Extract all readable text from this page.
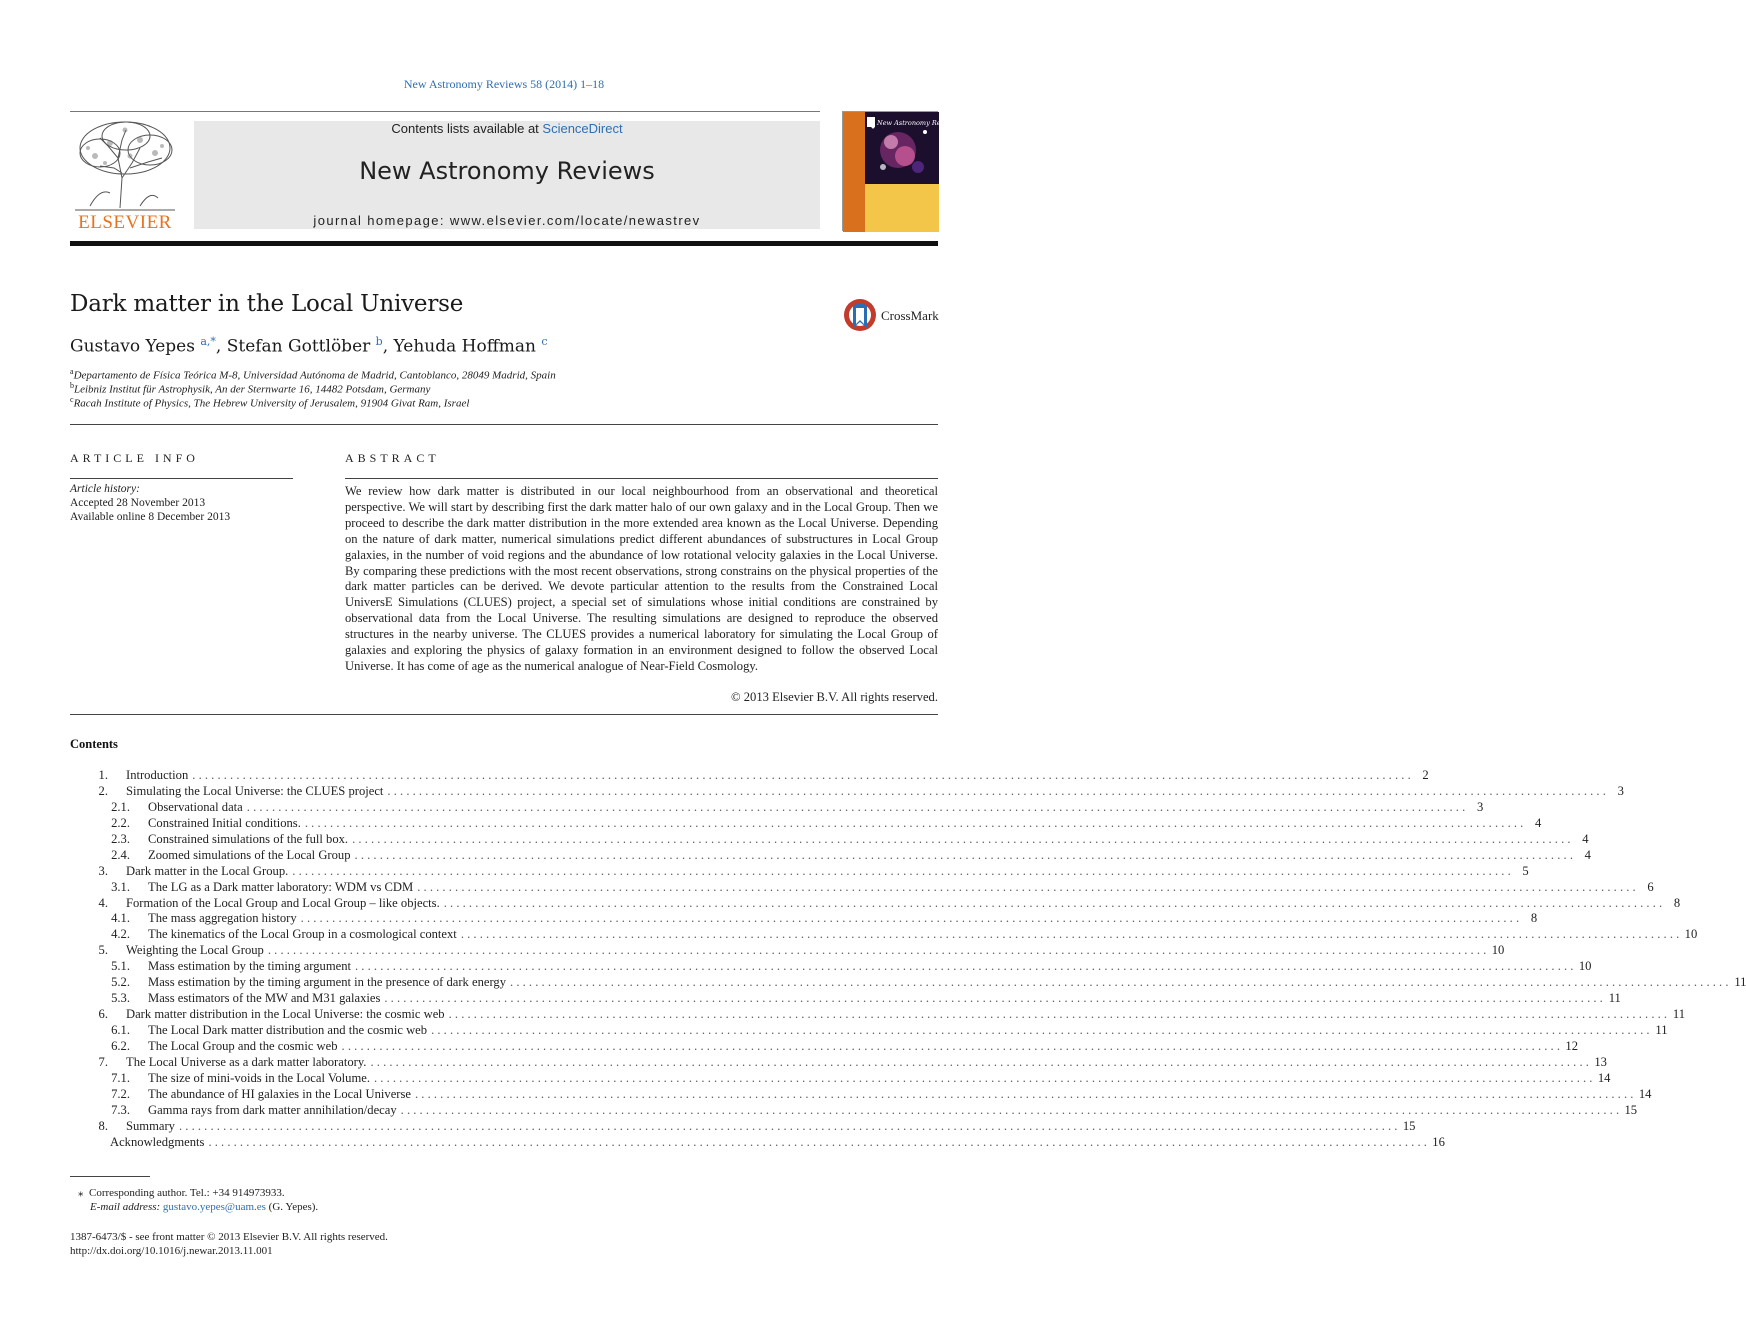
New Astronomy Reviews 58 (2014) 1–18
ELSEVIER
Contents lists available at ScienceDirect
New Astronomy Reviews
journal homepage: www.elsevier.com/locate/newastrev
New Astronomy Reviews
Dark matter in the Local Universe	CrossMark
Gustavo Yepes $^{a,*}$, Stefan Gottlöber $^b$, Yehuda Hoffman $^c$
$^a$Departamento de Física Teórica M-8, Universidad Autónoma de Madrid, Cantoblanco, 28049 Madrid, Spain
$^b$Leibniz Institut für Astrophysik, An der Sternwarte 16, 14482 Potsdam, Germany
$^c$Racah Institute of Physics, The Hebrew University of Jerusalem, 91904 Givat Ram, Israel
ARTICLE INFO
Article history:
Accepted 28 November 2013
Available online 8 December 2013
ABSTRACT
We review how dark matter is distributed in our local neighbourhood from an observational and theoretical perspective. We will start by describing first the dark matter halo of our own galaxy and in the Local Group. Then we proceed to describe the dark matter distribution in the more extended area known as the Local Universe. Depending on the nature of dark matter, numerical simulations predict different abundances of substructures in Local Group galaxies, in the number of void regions and the abundance of low rotational velocity galaxies in the Local Universe. By comparing these predictions with the most recent observations, strong constrains on the physical properties of the dark matter particles can be derived. We devote particular attention to the results from the Constrained Local UniversE Simulations (CLUES) project, a special set of simulations whose initial conditions are constrained by observational data from the Local Universe. The resulting simulations are designed to reproduce the observed structures in the nearby universe. The CLUES provides a numerical laboratory for simulating the Local Group of galaxies and exploring the physics of galaxy formation in an environment designed to follow the observed Local Universe. It has come of age as the numerical analogue of Near-Field Cosmology.
© 2013 Elsevier B.V. All rights reserved.
Contents
1. Introduction . . .	2
2. Simulating the Local Universe: the CLUES project . . .	3
2.1. Observational data . . .	3
2.2. Constrained Initial conditions. . . .	4
2.3. Constrained simulations of the full box. . . .	4
2.4. Zoomed simulations of the Local Group . . .	4
3. Dark matter in the Local Group. . . .	5
3.1. The LG as a Dark matter laboratory: WDM vs CDM . . .	6
4. Formation of the Local Group and Local Group – like objects. . . .	8
4.1. The mass aggregation history . . .	8
4.2. The kinematics of the Local Group in a cosmological context . . .	10
5. Weighting the Local Group . . .	10
5.1. Mass estimation by the timing argument . . .	10
5.2. Mass estimation by the timing argument in the presence of dark energy . . .	11
5.3. Mass estimators of the MW and M31 galaxies . . .	11
6. Dark matter distribution in the Local Universe: the cosmic web . . .	11
6.1. The Local Dark matter distribution and the cosmic web . . .	11
6.2. The Local Group and the cosmic web . . .	12
7. The Local Universe as a dark matter laboratory. . . .	13
7.1. The size of mini-voids in the Local Volume. . . .	14
7.2. The abundance of HI galaxies in the Local Universe . . .	14
7.3. Gamma rays from dark matter annihilation/decay . . .	15
8. Summary . . .	15
Acknowledgments . . .	16
⁎ Corresponding author. Tel.: +34 914973933.
E-mail address: gustavo.yepes@uam.es (G. Yepes).
1387-6473/$ - see front matter © 2013 Elsevier B.V. All rights reserved.
http://dx.doi.org/10.1016/j.newar.2013.11.001
